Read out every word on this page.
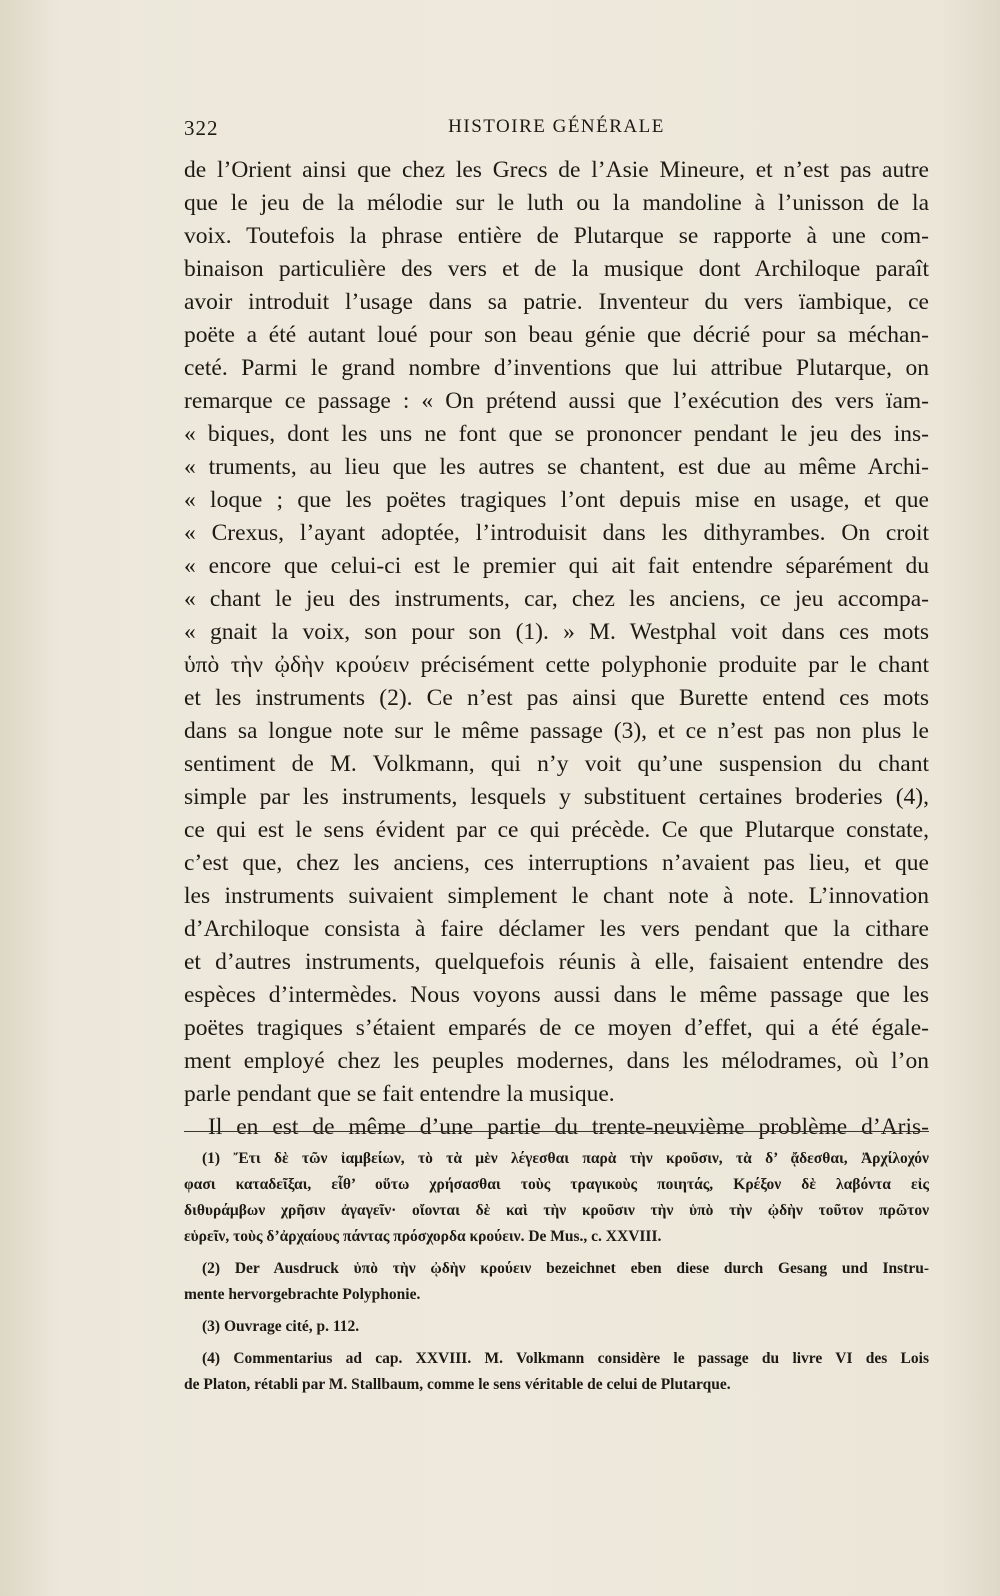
322	HISTOIRE GÉNÉRALE
de l’Orient ainsi que chez les Grecs de l’Asie Mineure, et n’est pas autre
que le jeu de la mélodie sur le luth ou la mandoline à l’unisson de la
voix. Toutefois la phrase entière de Plutarque se rapporte à une com-
binaison particulière des vers et de la musique dont Archiloque paraît
avoir introduit l’usage dans sa patrie. Inventeur du vers ïambique, ce
poëte a été autant loué pour son beau génie que décrié pour sa méchan-
ceté. Parmi le grand nombre d’inventions que lui attribue Plutarque, on
remarque ce passage : « On prétend aussi que l’exécution des vers ïam-
« biques, dont les uns ne font que se prononcer pendant le jeu des ins-
« truments, au lieu que les autres se chantent, est due au même Archi-
« loque ; que les poëtes tragiques l’ont depuis mise en usage, et que
« Crexus, l’ayant adoptée, l’introduisit dans les dithyrambes. On croit
« encore que celui-ci est le premier qui ait fait entendre séparément du
« chant le jeu des instruments, car, chez les anciens, ce jeu accompa-
« gnait la voix, son pour son (1). » M. Westphal voit dans ces mots
ὑπὸ τὴν ᾠδὴν κρούειν précisément cette polyphonie produite par le chant
et les instruments (2). Ce n’est pas ainsi que Burette entend ces mots
dans sa longue note sur le même passage (3), et ce n’est pas non plus le
sentiment de M. Volkmann, qui n’y voit qu’une suspension du chant
simple par les instruments, lesquels y substituent certaines broderies (4),
ce qui est le sens évident par ce qui précède. Ce que Plutarque constate,
c’est que, chez les anciens, ces interruptions n’avaient pas lieu, et que
les instruments suivaient simplement le chant note à note. L’innovation
d’Archiloque consista à faire déclamer les vers pendant que la cithare
et d’autres instruments, quelquefois réunis à elle, faisaient entendre des
espèces d’intermèdes. Nous voyons aussi dans le même passage que les
poëtes tragiques s’étaient emparés de ce moyen d’effet, qui a été égale-
ment employé chez les peuples modernes, dans les mélodrames, où l’on
parle pendant que se fait entendre la musique.
Il en est de même d’une partie du trente-neuvième problème d’Aris-
(1) Ἔτι δὲ τῶν ἰαμβείων, τὸ τὰ μὲν λέγεσθαι παρὰ τὴν κροῦσιν, τὰ δ’ ᾄδεσθαι, Ἀρχίλοχόν
φασι καταδεῖξαι, εἶθ’ οὕτω χρήσασθαι τοὺς τραγικοὺς ποιητάς, Κρέξον δὲ λαβόντα εἰς
διθυράμβων χρῆσιν ἀγαγεῖν· οἴονται δὲ καὶ τὴν κροῦσιν τὴν ὑπὸ τὴν ᾠδὴν τοῦτον πρῶτον
εὑρεῖν, τοὺς δ’ἀρχαίους πάντας πρόσχορδα κρούειν. De Mus., c. XXVIII.
(2) Der Ausdruck ὑπὸ τὴν ᾠδὴν κρούειν bezeichnet eben diese durch Gesang und Instru-
mente hervorgebrachte Polyphonie.
(3) Ouvrage cité, p. 112.
(4) Commentarius ad cap. XXVIII. M. Volkmann considère le passage du livre VI des Lois
de Platon, rétabli par M. Stallbaum, comme le sens véritable de celui de Plutarque.
